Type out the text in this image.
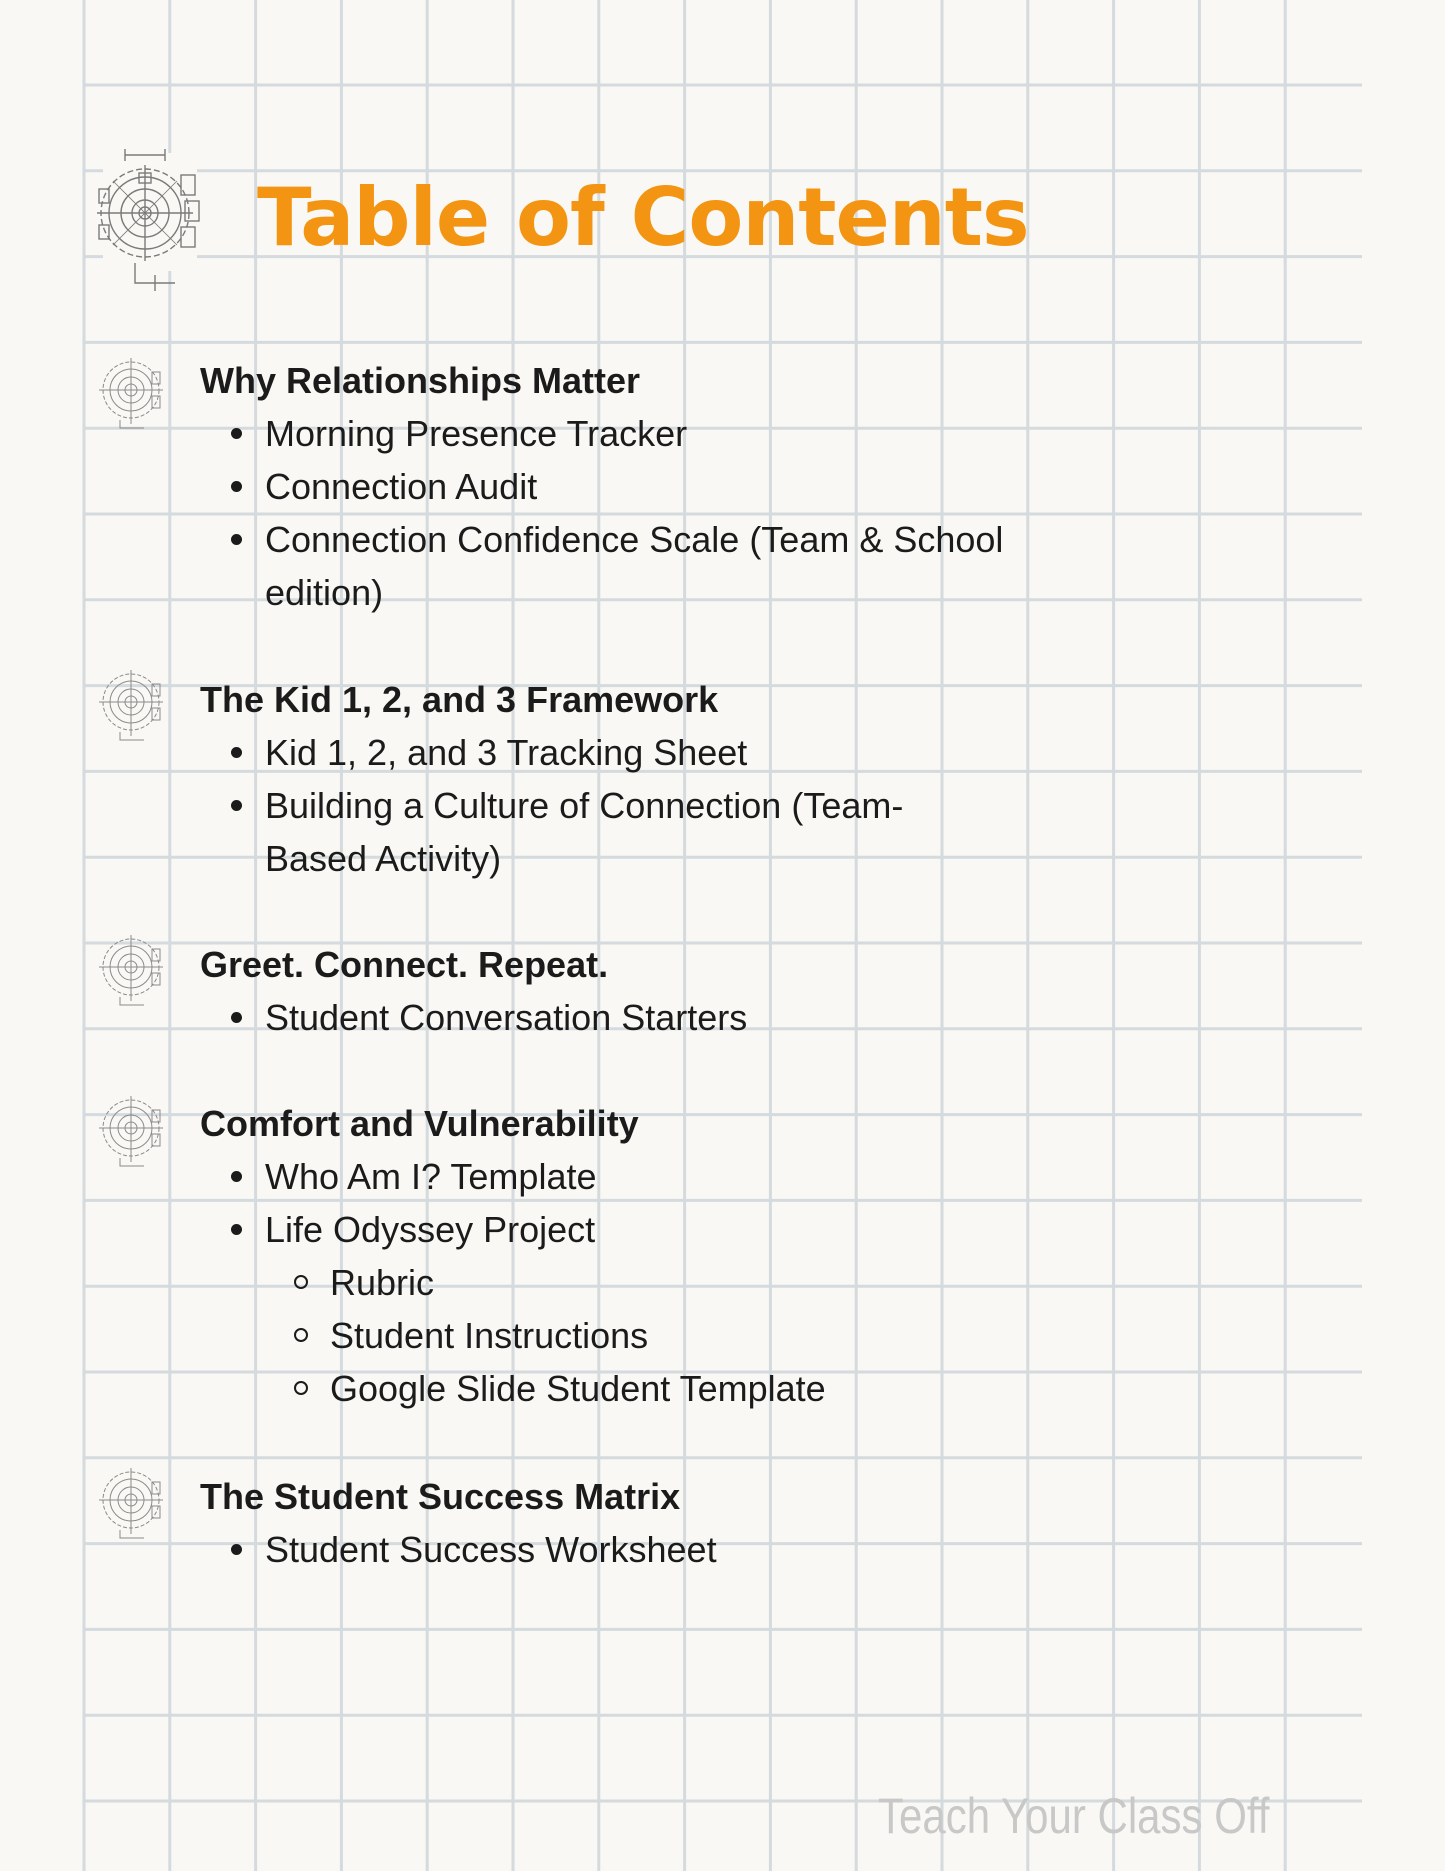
Table of Contents
Why Relationships Matter
Morning Presence Tracker
Connection Audit
Connection Confidence Scale (Team & School edition)
The Kid 1, 2, and 3 Framework
Kid 1, 2, and 3 Tracking Sheet
Building a Culture of Connection (Team-Based Activity)
Greet. Connect. Repeat.
Student Conversation Starters
Comfort and Vulnerability
Who Am I? Template
Life Odyssey Project
Rubric
Student Instructions
Google Slide Student Template
The Student Success Matrix
Student Success Worksheet
Teach Your Class Off
